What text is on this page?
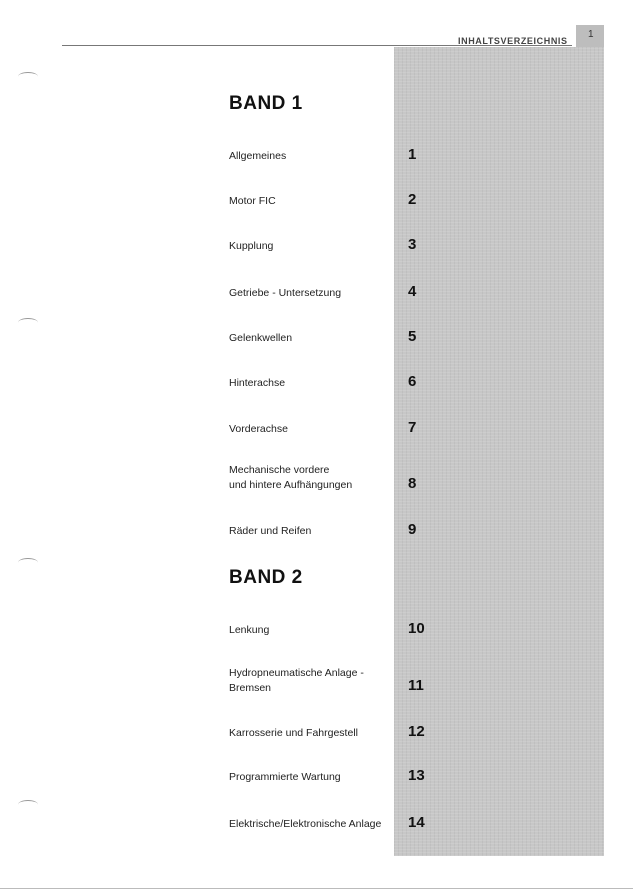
INHALTSVERZEICHNIS
1
BAND 1
Allgemeines	1
Motor FIC	2
Kupplung	3
Getriebe - Untersetzung	4
Gelenkwellen	5
Hinterachse	6
Vorderachse	7
Mechanische vordere
und hintere Aufhängungen	8
Räder und Reifen	9
BAND 2
Lenkung	10
Hydropneumatische Anlage -
Bremsen	11
Karrosserie und Fahrgestell	12
Programmierte Wartung	13
Elektrische/Elektronische Anlage	14
